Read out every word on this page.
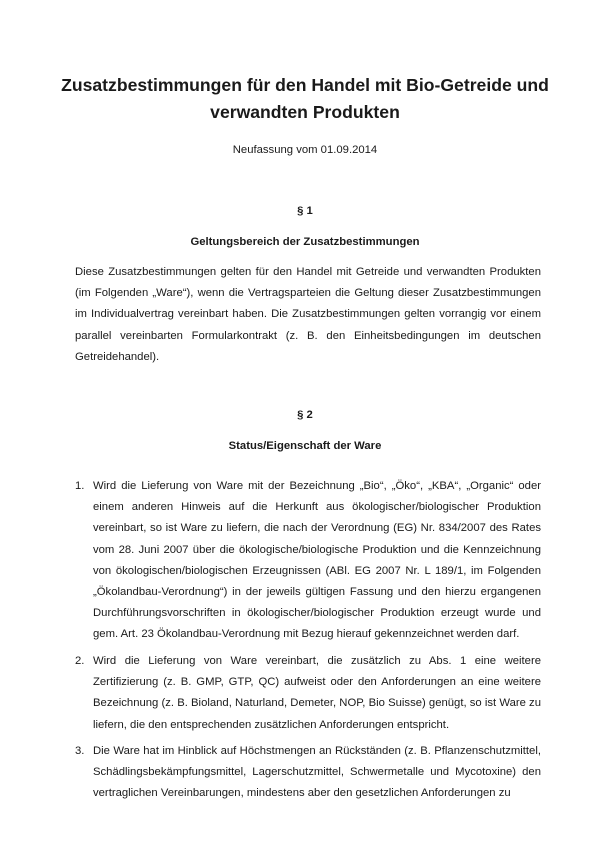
Zusatzbestimmungen für den Handel mit Bio-Getreide und
verwandten Produkten
Neufassung vom 01.09.2014
§ 1
Geltungsbereich der Zusatzbestimmungen
Diese Zusatzbestimmungen gelten für den Handel mit Getreide und verwandten Produkten (im Folgenden „Ware“), wenn die Vertragsparteien die Geltung dieser Zusatzbestimmungen im Individualvertrag vereinbart haben. Die Zusatzbestimmungen gelten vorrangig vor einem parallel vereinbarten Formularkontrakt (z. B. den Einheitsbedingungen im deutschen Getreidehandel).
§ 2
Status/Eigenschaft der Ware
1. Wird die Lieferung von Ware mit der Bezeichnung „Bio“, „Öko“, „KBA“, „Organic“ oder einem anderen Hinweis auf die Herkunft aus ökologischer/biologischer Produktion vereinbart, so ist Ware zu liefern, die nach der Verordnung (EG) Nr. 834/2007 des Rates vom 28. Juni 2007 über die ökologische/biologische Produktion und die Kennzeichnung von ökologischen/biologischen Erzeugnissen (ABl. EG 2007 Nr. L 189/1, im Folgenden „Ökolandbau-Verordnung“) in der jeweils gültigen Fassung und den hierzu ergangenen Durchführungsvorschriften in ökologischer/biologischer Produktion erzeugt wurde und gem. Art. 23 Ökolandbau-Verordnung mit Bezug hierauf gekennzeichnet werden darf.
2. Wird die Lieferung von Ware vereinbart, die zusätzlich zu Abs. 1 eine weitere Zertifizierung (z. B. GMP, GTP, QC) aufweist oder den Anforderungen an eine weitere Bezeichnung (z. B. Bioland, Naturland, Demeter, NOP, Bio Suisse) genügt, so ist Ware zu liefern, die den entsprechenden zusätzlichen Anforderungen entspricht.
3. Die Ware hat im Hinblick auf Höchstmengen an Rückständen (z. B. Pflanzenschutzmittel, Schädlingsbekämpfungsmittel, Lagerschutzmittel, Schwermetalle und Mycotoxine) den vertraglichen Vereinbarungen, mindestens aber den gesetzlichen Anforderungen zu
